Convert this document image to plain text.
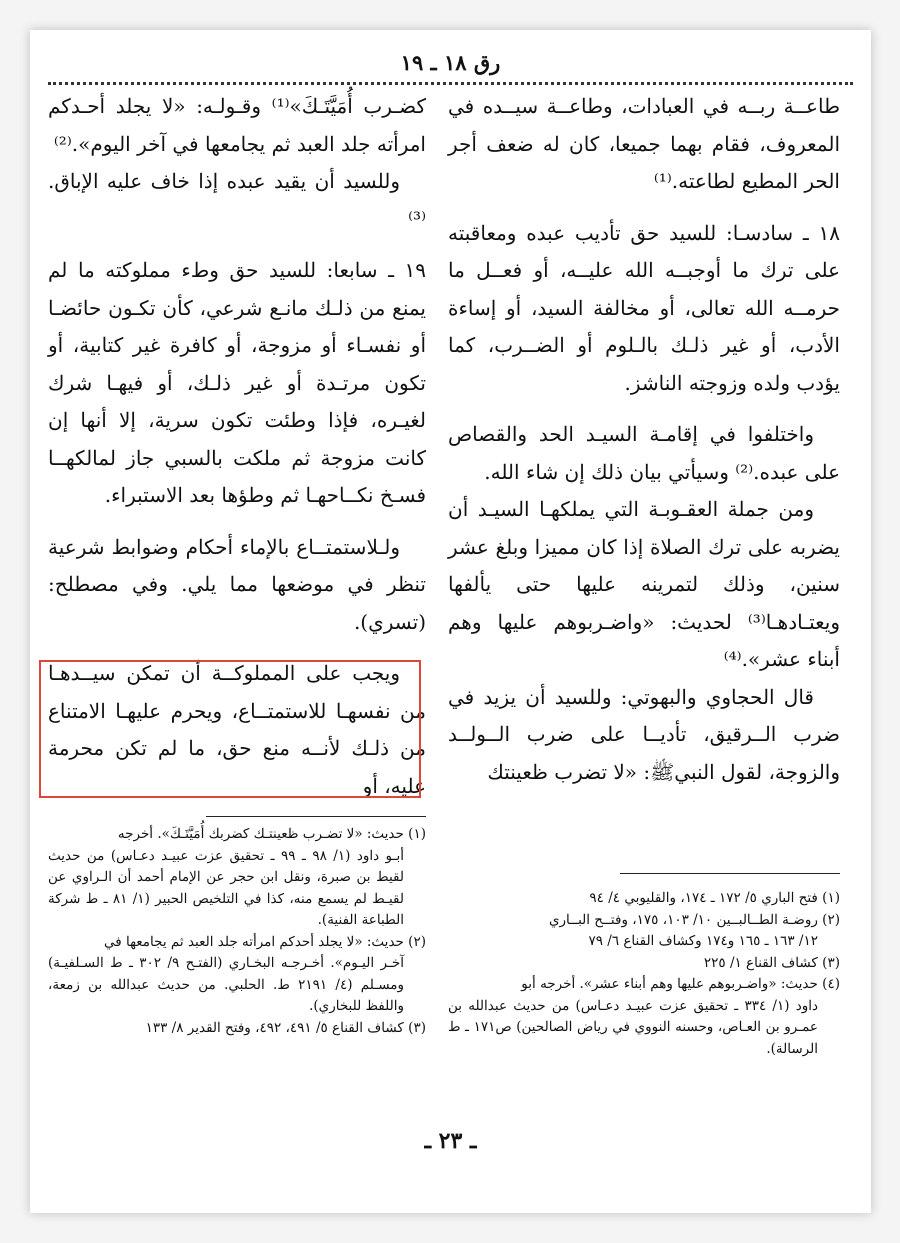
رق ١٨ ـ ١٩

طاعــة ربــه في العبادات، وطاعــة سيــده في المعروف، فقام بهما جميعا، كان له ضعف أجر الحر المطيع لطاعته.⁽¹⁾

١٨ ـ سادسـا: للسيد حق تأديب عبده ومعاقبته على ترك ما أوجبــه الله عليــه، أو فعــل ما حرمــه الله تعالى، أو مخالفة السيد، أو إساءة الأدب، أو غير ذلـك بالـلوم أو الضــرب، كما يؤدب ولده وزوجته الناشز.

واختلفوا في إقامـة السيـد الحد والقصاص على عبده.⁽²⁾ وسيأتي بيان ذلك إن شاء الله.

ومن جملة العقـوبـة التي يملكهـا السيـد أن يضربه على ترك الصلاة إذا كان مميزا وبلغ عشر سنين، وذلك لتمرينه عليها حتى يألفها ويعتـادهـا⁽³⁾ لحديث: «واضـربوهم عليها وهم أبناء عشر».⁽⁴⁾

قال الحجاوي والبهوتي: وللسيد أن يزيد في ضرب الــرقيق، تأديــا على ضرب الــولــد والزوجة، لقول النبيﷺ: «لا تضرب ظعينتك

كضـرب أُمَيَّتَـكَ»⁽¹⁾ وقـولـه: «لا يجلد أحـدكم امرأته جلد العبد ثم يجامعها في آخر اليوم».⁽²⁾

وللسيد أن يقيد عبده إذا خاف عليه الإباق.⁽³⁾

١٩ ـ سابعا: للسيد حق وطء مملوكته ما لم يمنع من ذلـك مانـع شرعي، كأن تكـون حائضـا أو نفسـاء أو مزوجة، أو كافرة غير كتابية، أو تكون مرتـدة أو غير ذلـك، أو فيهـا شرك لغيـره، فإذا وطئت تكون سرية، إلا أنها إن كانت مزوجة ثم ملكت بالسبي جاز لمالكهــا فسـخ نكــاحهـا ثم وطؤها بعد الاستبراء.

ولـلاستمتــاع بالإماء أحكام وضوابط شرعية تنظر في موضعها مما يلي. وفي مصطلح: (تسري).

ويجب على المملوكــة أن تمكن سيــدهـا من نفسهـا للاستمتــاع، ويحرم عليهـا الامتناع من ذلـك لأنــه منع حق، ما لم تكن محرمة عليه، أو

(١) حديث: «لا تضـرب ظعينتـك كضربك أُمَيَّتَـكَ». أخرجه

أبـو داود (١/ ٩٨ ـ ٩٩ ـ تحقيق عزت عبيـد دعـاس) من حديث لقيط بن صبرة، ونقل ابن حجر عن الإمام أحمد أن الـراوي عن لقيـط لم يسمع منه، كذا في التلخيص الحبير (١/ ٨١ ـ ط شركة الطباعة الفنية).

(٢) حديث: «لا يجلد أحدكم امرأته جلد العبد ثم يجامعها في

آخـر اليـوم». أخـرجـه البخـاري (الفتـح ٩/ ٣٠٢ ـ ط السـلفيـة) ومسـلم (٤/ ٢١٩١ ط. الحلبي. من حديث عبدالله بن زمعة، واللفظ للبخاري).

(٣) كشاف القناع ٥/ ٤٩١، ٤٩٢، وفتح القدير ٨/ ١٣٣

(١) فتح الباري ٥/ ١٧٢ ـ ١٧٤، والقليوبي ٤/ ٩٤

(٢) روضـة الطــالبــين ١٠/ ١٠٣، ١٧٥، وفتــح البــاري

١٢/ ١٦٣ ـ ١٦٥ و١٧٤ وكشاف القناع ٦/ ٧٩

(٣) كشاف القناع ١/ ٢٢٥

(٤) حديث: «واضـربوهم عليها وهم أبناء عشر». أخرجه أبو

داود (١/ ٣٣٤ ـ تحقيق عزت عبيـد دعـاس) من حديث عبدالله بن عمـرو بن العـاص، وحسنه النووي في رياض الصالحين) ص١٧١ ـ ط الرسالة).

ـ ٢٣ ـ
